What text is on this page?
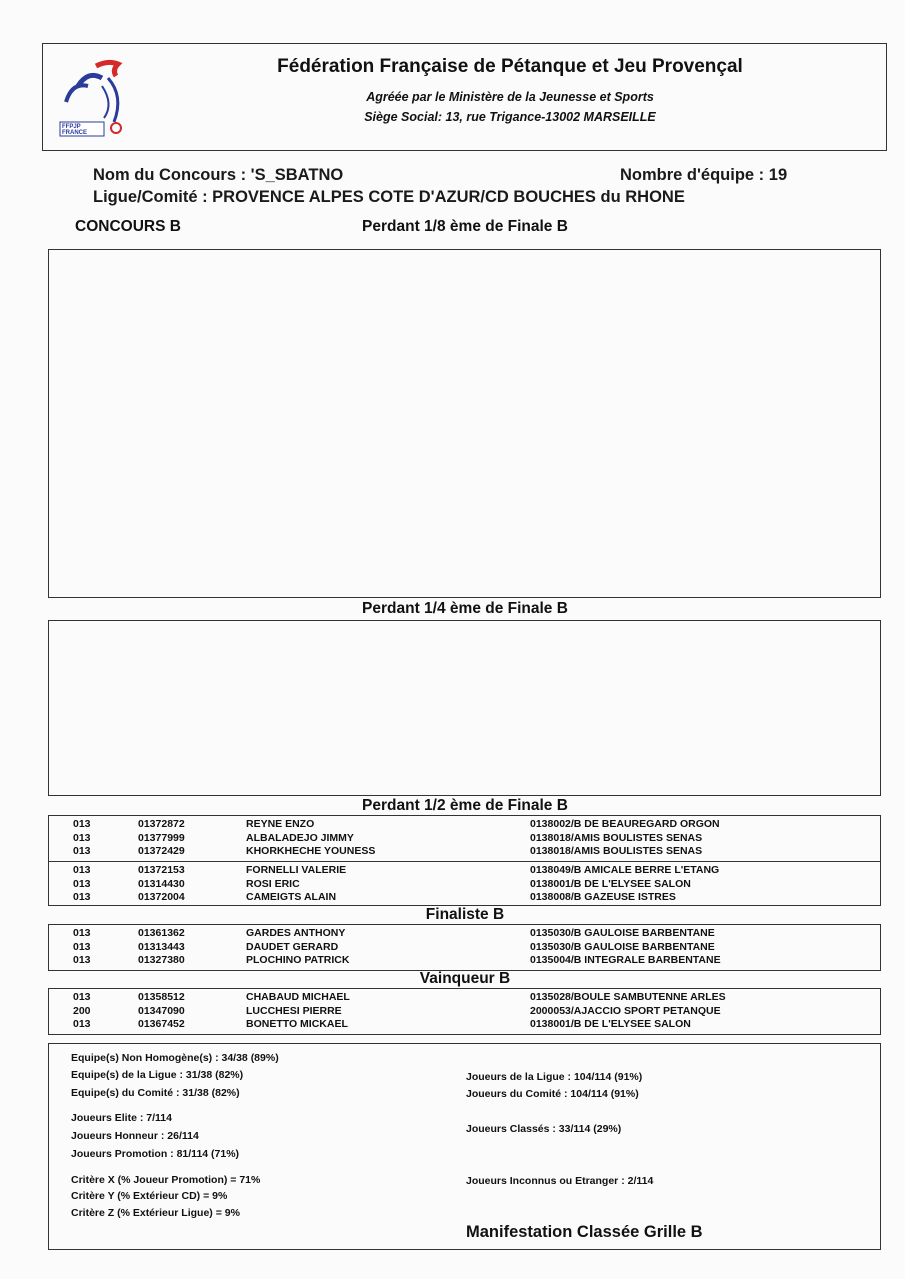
FFPJP FRANCE
Fédération Française de Pétanque et Jeu Provençal
Agréée par le Ministère de la Jeunesse et Sports
Siège Social: 13, rue Trigance-13002 MARSEILLE
Nom du Concours : 'S_SBATNO	Nombre d'équipe : 19
Ligue/Comité : PROVENCE ALPES COTE D'AZUR/CD BOUCHES du RHONE
CONCOURS B	Perdant 1/8 ème de Finale B
Perdant 1/4 ème de Finale B
Perdant 1/2 ème de Finale B
013	01372872	REYNE ENZO	0138002/B DE BEAUREGARD ORGON
013	01377999	ALBALADEJO JIMMY	0138018/AMIS BOULISTES SENAS
013	01372429	KHORKHECHE YOUNESS	0138018/AMIS BOULISTES SENAS
013	01372153	FORNELLI VALERIE	0138049/B AMICALE BERRE L'ETANG
013	01314430	ROSI ERIC	0138001/B DE L'ELYSEE SALON
013	01372004	CAMEIGTS ALAIN	0138008/B GAZEUSE ISTRES
Finaliste B
013	01361362	GARDES ANTHONY	0135030/B GAULOISE BARBENTANE
013	01313443	DAUDET GERARD	0135030/B GAULOISE BARBENTANE
013	01327380	PLOCHINO PATRICK	0135004/B INTEGRALE BARBENTANE
Vainqueur B
013	01358512	CHABAUD MICHAEL	0135028/BOULE SAMBUTENNE ARLES
200	01347090	LUCCHESI PIERRE	2000053/AJACCIO SPORT PETANQUE
013	01367452	BONETTO MICKAEL	0138001/B DE L'ELYSEE SALON
Equipe(s) Non Homogène(s) : 34/38 (89%)
Equipe(s) de la Ligue : 31/38 (82%)
Equipe(s) du Comité : 31/38 (82%)
Joueurs de la Ligue : 104/114 (91%)
Joueurs du Comité : 104/114 (91%)
Joueurs Elite : 7/114
Joueurs Honneur : 26/114
Joueurs Promotion : 81/114 (71%)
Joueurs Classés : 33/114 (29%)
Critère X (% Joueur Promotion) = 71%
Critère Y (% Extérieur CD) = 9%
Critère Z (% Extérieur Ligue) = 9%
Joueurs Inconnus ou Etranger : 2/114
Manifestation Classée Grille B
